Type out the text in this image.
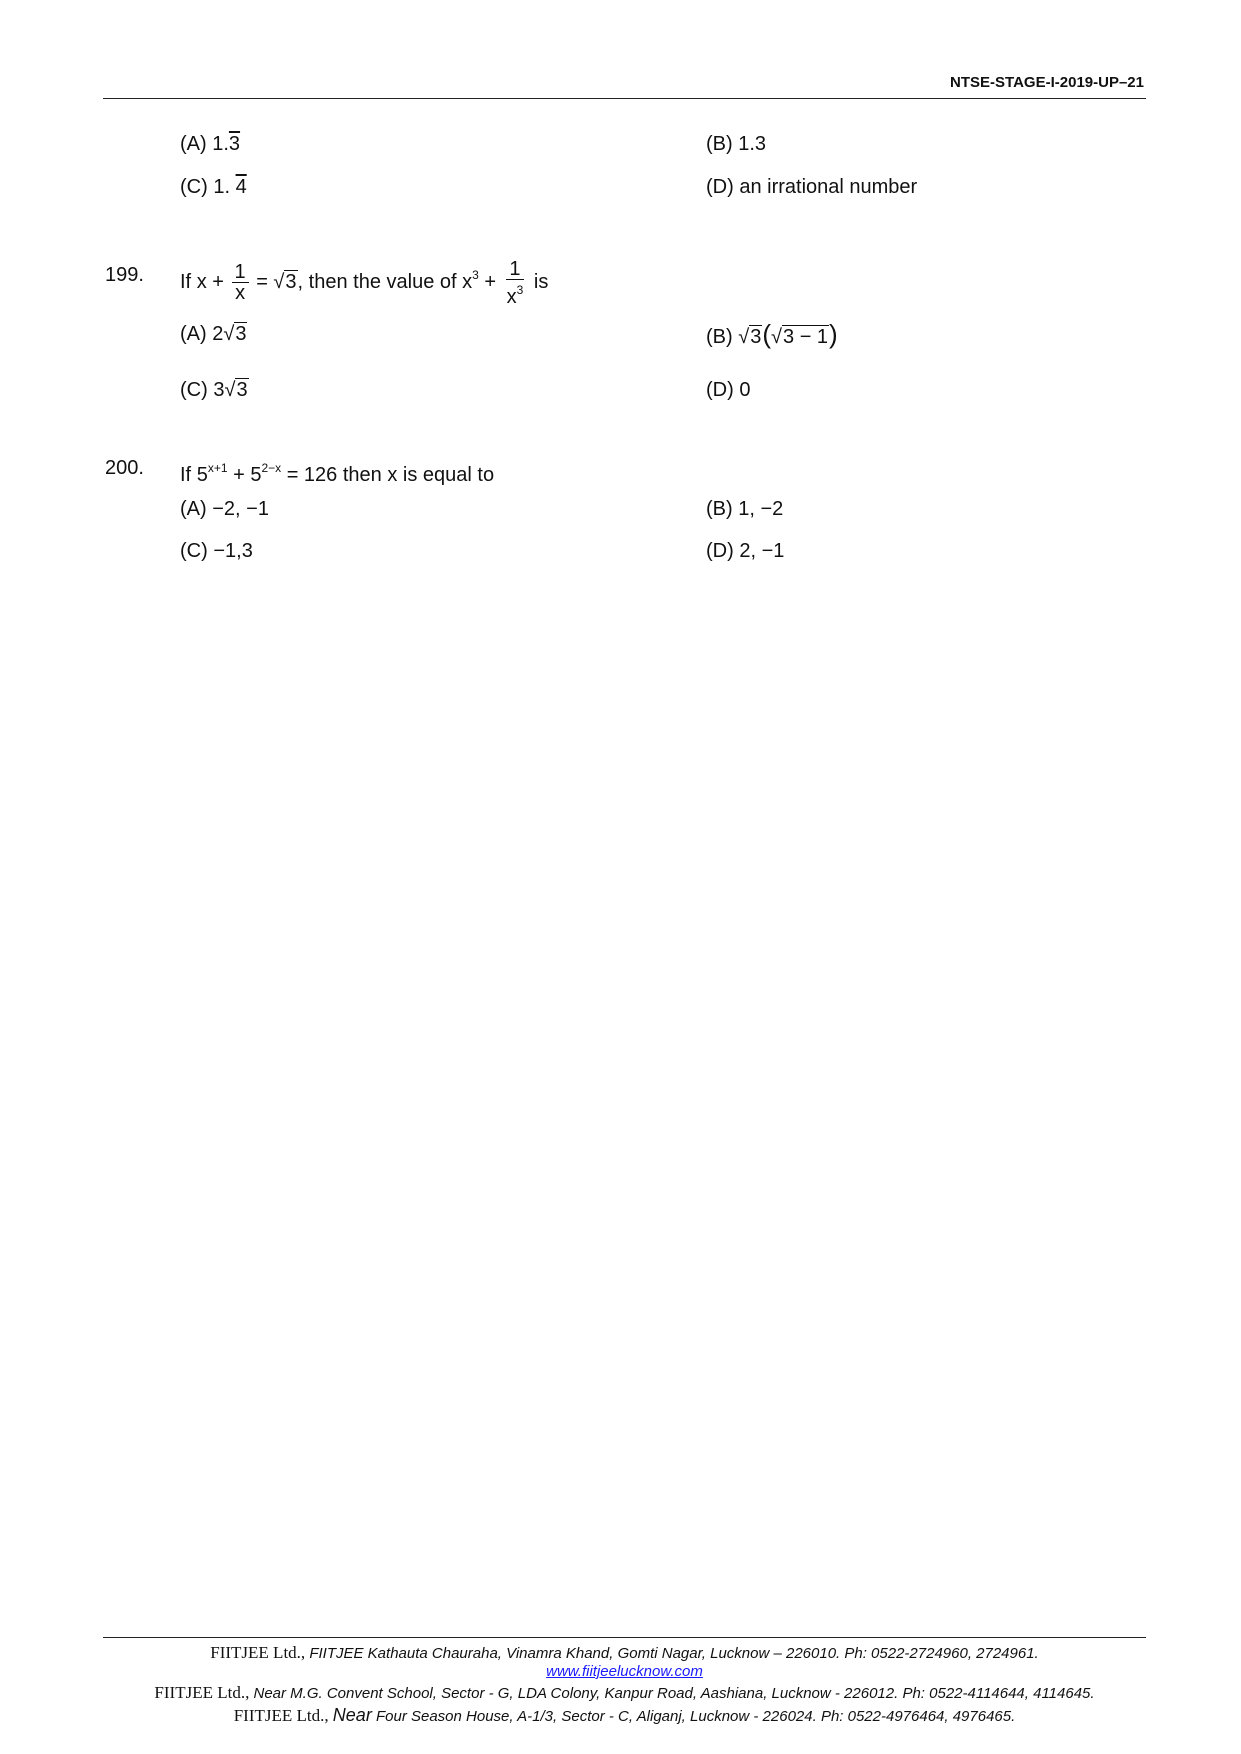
NTSE-STAGE-I-2019-UP–21
(A) 1.3	(B) 1.3
(C) 1. 4	(D) an irrational number
199. If $x + \frac{1}{x} = √3$, then the value of $x^3 + \frac{1}{x^3}$ is
(A) 2√3	(B) √3(√3 − 1)
(C) 3√3	(D) 0
200. If $5^{x+1} + 5^{2-x} = 126$ then x is equal to
(A) −2, −1	(B) 1, −2
(C) −1,3	(D) 2, −1
FIITJEE Ltd., FIITJEE Kathauta Chauraha, Vinamra Khand, Gomti Nagar, Lucknow – 226010. Ph: 0522-2724960, 2724961.
www.fiitjeelucknow.com
FIITJEE Ltd., Near M.G. Convent School, Sector - G, LDA Colony, Kanpur Road, Aashiana, Lucknow - 226012. Ph: 0522-4114644, 4114645.
FIITJEE Ltd., Near Four Season House, A-1/3, Sector - C, Aliganj, Lucknow - 226024. Ph: 0522-4976464, 4976465.
